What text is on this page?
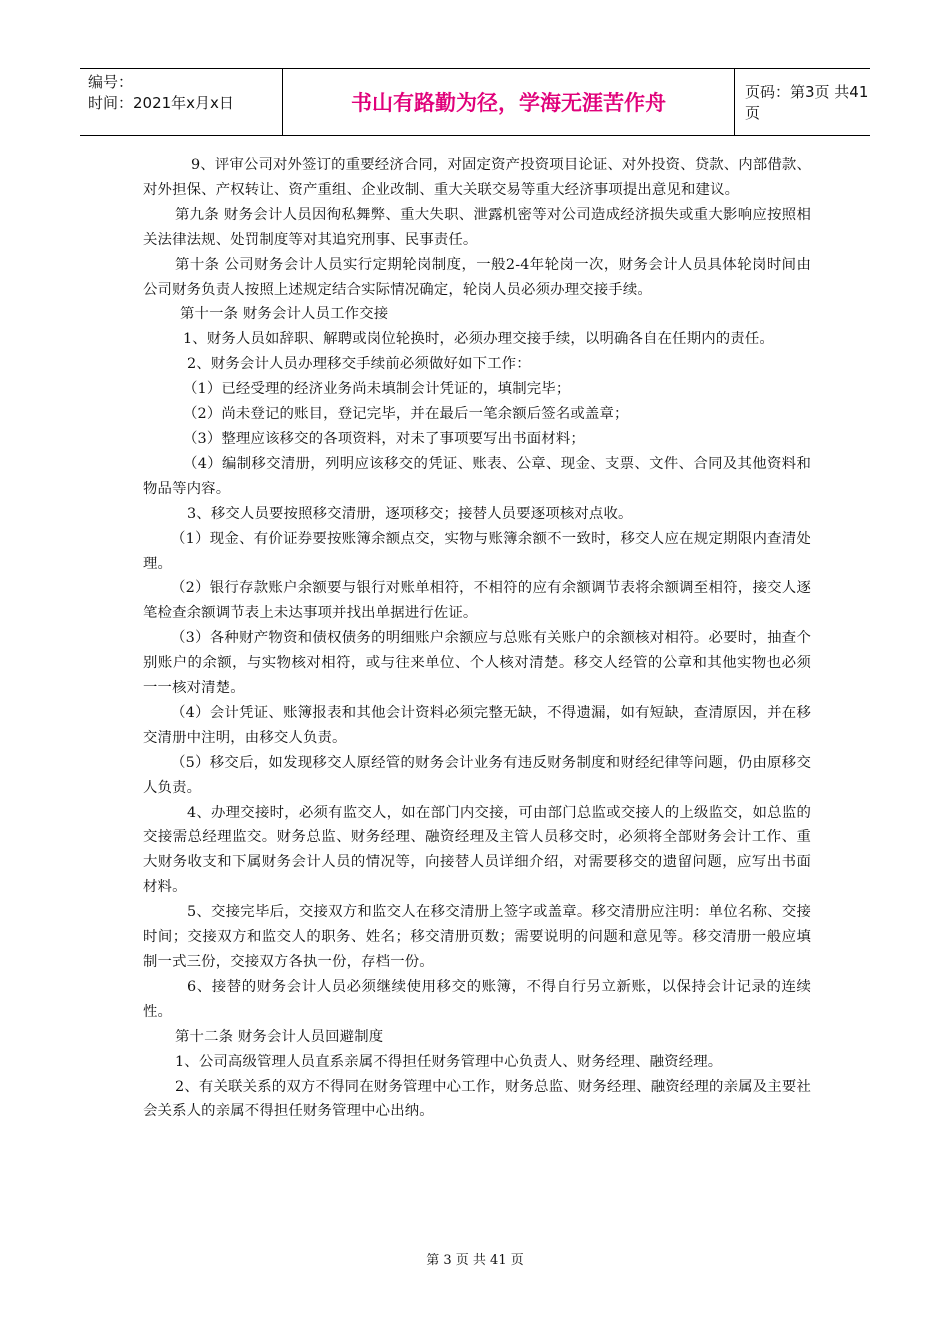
编号：
时间：2021年x月x日	书山有路勤为径，学海无涯苦作舟	页码：第3页 共41页

9、评审公司对外签订的重要经济合同，对固定资产投资项目论证、对外投资、贷款、内部借款、对外担保、产权转让、资产重组、企业改制、重大关联交易等重大经济事项提出意见和建议。

第九条 财务会计人员因徇私舞弊、重大失职、泄露机密等对公司造成经济损失或重大影响应按照相关法律法规、处罚制度等对其追究刑事、民事责任。

第十条 公司财务会计人员实行定期轮岗制度，一般2-4年轮岗一次，财务会计人员具体轮岗时间由公司财务负责人按照上述规定结合实际情况确定，轮岗人员必须办理交接手续。

第十一条 财务会计人员工作交接

1、财务人员如辞职、解聘或岗位轮换时，必须办理交接手续，以明确各自在任期内的责任。

2、财务会计人员办理移交手续前必须做好如下工作：

（1）已经受理的经济业务尚未填制会计凭证的，填制完毕；

（2）尚未登记的账目，登记完毕，并在最后一笔余额后签名或盖章；

（3）整理应该移交的各项资料，对未了事项要写出书面材料；

（4）编制移交清册，列明应该移交的凭证、账表、公章、现金、支票、文件、合同及其他资料和物品等内容。

3、移交人员要按照移交清册，逐项移交；接替人员要逐项核对点收。

（1）现金、有价证券要按账簿余额点交，实物与账簿余额不一致时，移交人应在规定期限内查清处理。

（2）银行存款账户余额要与银行对账单相符，不相符的应有余额调节表将余额调至相符，接交人逐笔检查余额调节表上未达事项并找出单据进行佐证。

（3）各种财产物资和债权债务的明细账户余额应与总账有关账户的余额核对相符。必要时，抽查个别账户的余额，与实物核对相符，或与往来单位、个人核对清楚。移交人经管的公章和其他实物也必须一一核对清楚。

（4）会计凭证、账簿报表和其他会计资料必须完整无缺，不得遗漏，如有短缺，查清原因，并在移交清册中注明，由移交人负责。

（5）移交后，如发现移交人原经管的财务会计业务有违反财务制度和财经纪律等问题，仍由原移交人负责。

4、办理交接时，必须有监交人，如在部门内交接，可由部门总监或交接人的上级监交，如总监的交接需总经理监交。财务总监、财务经理、融资经理及主管人员移交时，必须将全部财务会计工作、重大财务收支和下属财务会计人员的情况等，向接替人员详细介绍，对需要移交的遗留问题，应写出书面材料。

5、交接完毕后，交接双方和监交人在移交清册上签字或盖章。移交清册应注明：单位名称、交接时间；交接双方和监交人的职务、姓名；移交清册页数；需要说明的问题和意见等。移交清册一般应填制一式三份，交接双方各执一份，存档一份。

6、接替的财务会计人员必须继续使用移交的账簿，不得自行另立新账，以保持会计记录的连续性。

第十二条 财务会计人员回避制度

1、公司高级管理人员直系亲属不得担任财务管理中心负责人、财务经理、融资经理。

2、有关联关系的双方不得同在财务管理中心工作，财务总监、财务经理、融资经理的亲属及主要社会关系人的亲属不得担任财务管理中心出纳。

第 3 页 共 41 页
